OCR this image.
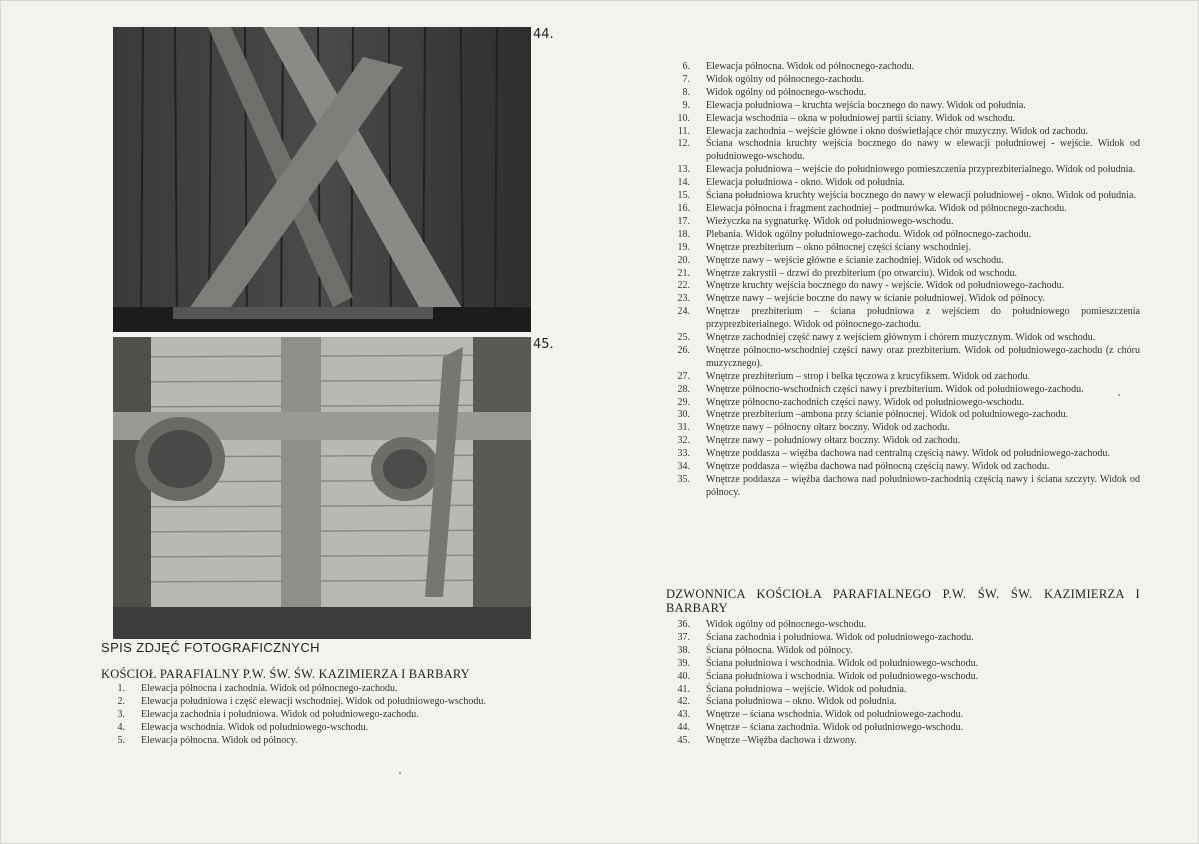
44.
45.
SPIS ZDJĘĆ FOTOGRAFICZNYCH
KOŚCIOŁ PARAFIALNY P.W. ŚW. ŚW. KAZIMIERZA I BARBARY
1. Elewacja północna i zachodnia. Widok od północnego-zachodu.
2. Elewacja południowa i część elewacji wschodniej. Widok od południowego-wschodu.
3. Elewacja zachodnia i południowa. Widok od południowego-zachodu.
4. Elewacja wschodnia. Widok od południowego-wschodu.
5. Elewacja północna. Widok od północy.
6. Elewacja północna. Widok od północnego-zachodu.
7. Widok ogólny od północnego-zachodu.
8. Widok ogólny od północnego-wschodu.
9. Elewacja południowa – kruchta wejścia bocznego do nawy. Widok od południa.
10. Elewacja wschodnia – okna w południowej partii ściany. Widok od wschodu.
11. Elewacja zachodnia – wejście główne i okno doświetlające chór muzyczny. Widok od zachodu.
12. Ściana wschodnia kruchty wejścia bocznego do nawy w elewacji południowej - wejście. Widok od południowego-wschodu.
13. Elewacja południowa – wejście do południowego pomieszczenia przyprezbiterialnego. Widok od południa.
14. Elewacja południowa - okno. Widok od południa.
15. Ściana południowa kruchty wejścia bocznego do nawy w elewacji południowej - okno. Widok od południa.
16. Elewacja północna i fragment zachodniej – podmurówka. Widok od północnego-zachodu.
17. Wieżyczka na sygnaturkę. Widok od południowego-wschodu.
18. Plebania. Widok ogólny południowego-zachodu. Widok od północnego-zachodu.
19. Wnętrze prezbiterium – okno północnej części ściany wschodniej.
20. Wnętrze nawy – wejście główne e ścianie zachodniej. Widok od wschodu.
21. Wnętrze zakrystii – drzwi do prezbiterium (po otwarciu). Widok od wschodu.
22. Wnętrze kruchty wejścia bocznego do nawy - wejście. Widok od południowego-zachodu.
23. Wnętrze nawy – wejście boczne do nawy w ścianie południowej. Widok od północy.
24. Wnętrze prezbiterium – ściana południowa z wejściem do południowego pomieszczenia przyprezbiterialnego. Widok od północnego-zachodu.
25. Wnętrze zachodniej część nawy z wejściem głównym i chórem muzycznym. Widok od wschodu.
26. Wnętrze północno-wschodniej części nawy oraz prezbiterium. Widok od południowego-zachodu (z chóru muzycznego).
27. Wnętrze prezbiterium – strop i belka tęczowa z krucyfiksem. Widok od zachodu.
28. Wnętrze północno-wschodnich części nawy i prezbiterium. Widok od południowego-zachodu.
29. Wnętrze północno-zachodnich części nawy. Widok od południowego-wschodu.
30. Wnętrze prezbiterium –ambona przy ścianie północnej. Widok od południowego-zachodu.
31. Wnętrze nawy – północny ołtarz boczny. Widok od zachodu.
32. Wnętrze nawy – południowy ołtarz boczny. Widok od zachodu.
33. Wnętrze poddasza – więźba dachowa nad centralną częścią nawy. Widok od południowego-zachodu.
34. Wnętrze poddasza – więźba dachowa nad północną częścią nawy. Widok od zachodu.
35. Wnętrze poddasza – więźba dachowa nad południowo-zachodnią częścią nawy i ściana szczyty. Widok od północy.
DZWONNICA KOŚCIOŁA PARAFIALNEGO P.W. ŚW. ŚW. KAZIMIERZA I BARBARY
36. Widok ogólny od północnego-wschodu.
37. Ściana zachodnia i południowa. Widok od południowego-zachodu.
38. Ściana północna. Widok od północy.
39. Ściana południowa i wschodnia. Widok od południowego-wschodu.
40. Ściana południowa i wschodnia. Widok od południowego-wschodu.
41. Ściana południowa – wejście. Widok od południa.
42. Ściana południowa – okno. Widok od południa.
43. Wnętrze – ściana wschodnia. Widok od południowego-zachodu.
44. Wnętrze – ściana zachodnia. Widok od południowego-wschodu.
45. Wnętrze –Więźba dachowa i dzwony.
